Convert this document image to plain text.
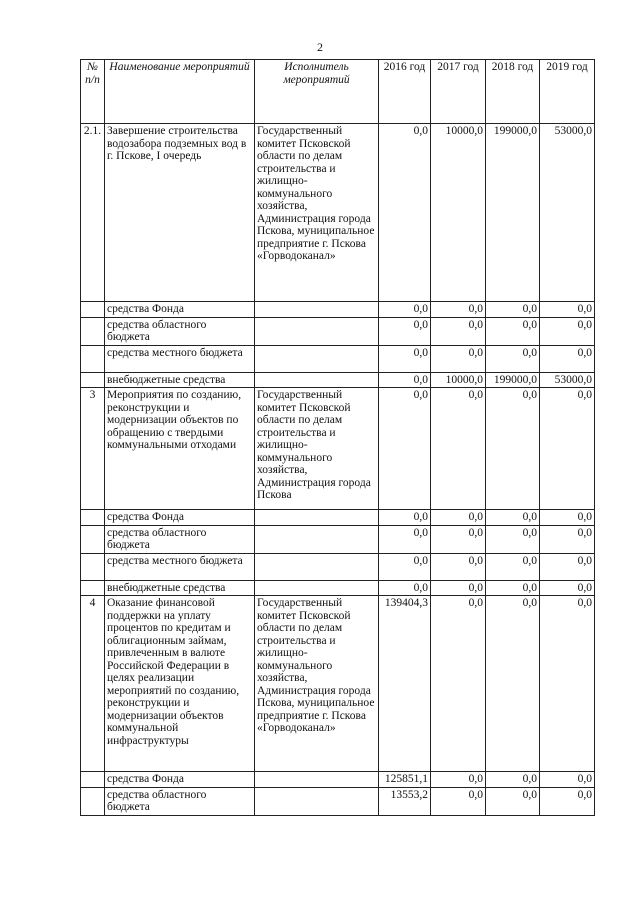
2
№ п/п	Наименование мероприятий	Исполнитель мероприятий	2016 год	2017 год	2018 год	2019 год
2.1.	Завершение строительства водозабора подземных вод в г. Пскове, I очередь	Государственный комитет Псковской области по делам строительства и жилищно-коммунального хозяйства, Администрация города Пскова, муниципальное предприятие г. Пскова «Горводоканал»	0,0	10000,0	199000,0	53000,0
	средства Фонда		0,0	0,0	0,0	0,0
	средства областного бюджета		0,0	0,0	0,0	0,0
	средства местного бюджета		0,0	0,0	0,0	0,0
	внебюджетные средства		0,0	10000,0	199000,0	53000,0
3	Мероприятия по созданию, реконструкции и модернизации объектов по обращению с твердыми коммунальными отходами	Государственный комитет Псковской области по делам строительства и жилищно-коммунального хозяйства, Администрация города Пскова	0,0	0,0	0,0	0,0
	средства Фонда		0,0	0,0	0,0	0,0
	средства областного бюджета		0,0	0,0	0,0	0,0
	средства местного бюджета		0,0	0,0	0,0	0,0
	внебюджетные средства		0,0	0,0	0,0	0,0
4	Оказание финансовой поддержки на уплату процентов по кредитам и облигационным займам, привлеченным в валюте Российской Федерации в целях реализации мероприятий по созданию, реконструкции и модернизации объектов коммунальной инфраструктуры	Государственный комитет Псковской области по делам строительства и жилищно-коммунального хозяйства, Администрация города Пскова, муниципальное предприятие г. Пскова «Горводоканал»	139404,3	0,0	0,0	0,0
	средства Фонда		125851,1	0,0	0,0	0,0
	средства областного бюджета		13553,2	0,0	0,0	0,0
